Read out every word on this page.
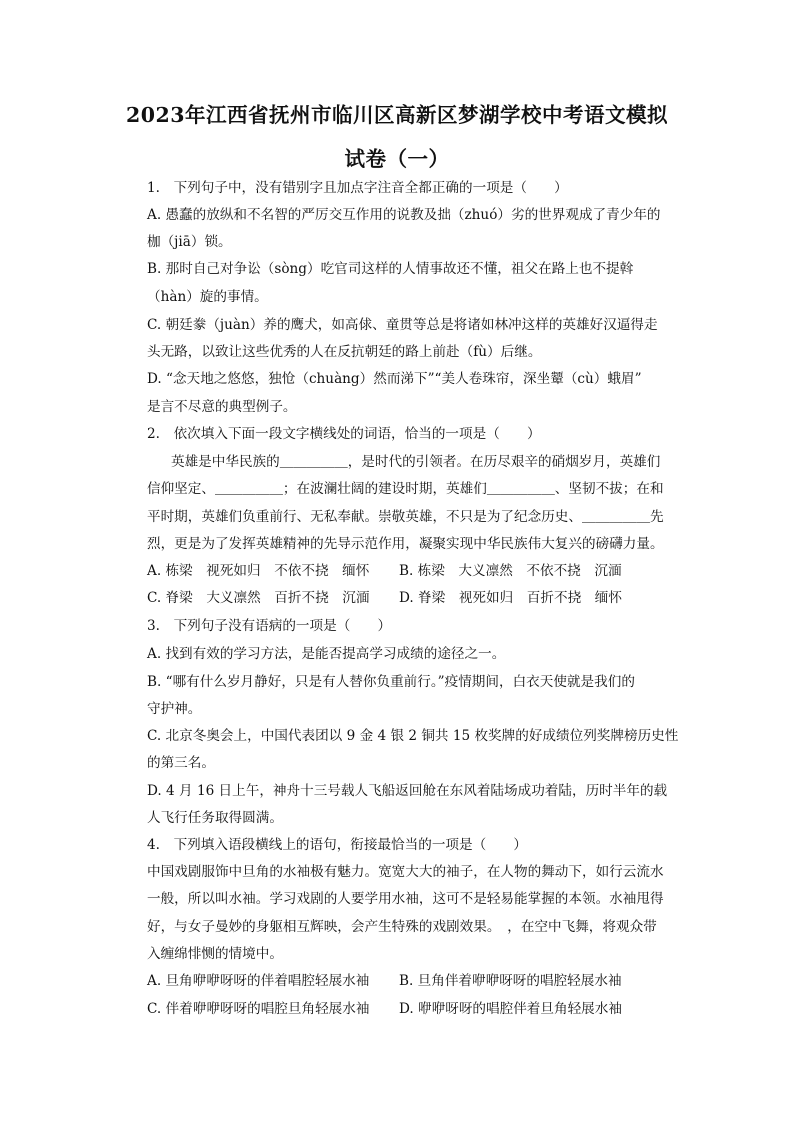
2023年江西省抚州市临川区高新区梦湖学校中考语文模拟
试卷（一）
1.　下列句子中，没有错别字且加点字注音全都正确的一项是（　　）
A. 愚蠢的放纵和不名智的严厉交互作用的说教及拙（zhuó）劣的世界观成了青少年的
枷（jiā）锁。
B. 那时自己对争讼（sòng）吃官司这样的人情事故还不懂，祖父在路上也不提斡
（hàn）旋的事情。
C. 朝廷豢（juàn）养的鹰犬，如高俅、童贯等总是将诸如林冲这样的英雄好汉逼得走
头无路，以致让这些优秀的人在反抗朝廷的路上前赴（fù）后继。
D. “念天地之悠悠，独怆（chuàng）然而涕下”“美人卷珠帘，深坐颦（cù）蛾眉”
是言不尽意的典型例子。
2.　依次填入下面一段文字横线处的词语，恰当的一项是（　　）
英雄是中华民族的＿＿＿＿＿，是时代的引领者。在历尽艰辛的硝烟岁月，英雄们
信仰坚定、＿＿＿＿＿；在波澜壮阔的建设时期，英雄们＿＿＿＿＿、坚韧不拔；在和
平时期，英雄们负重前行、无私奉献。崇敬英雄，不只是为了纪念历史、＿＿＿＿＿先
烈，更是为了发挥英雄精神的先导示范作用，凝聚实现中华民族伟大复兴的磅礴力量。
A. 栋梁　视死如归　不依不挠　缅怀 B. 栋梁　大义凛然　不依不挠　沉湎
C. 脊梁　大义凛然　百折不挠　沉湎 D. 脊梁　视死如归　百折不挠　缅怀
3.　下列句子没有语病的一项是（　　）
A. 找到有效的学习方法，是能否提高学习成绩的途径之一。
B. “哪有什么岁月静好，只是有人替你负重前行。”疫情期间，白衣天使就是我们的
守护神。
C. 北京冬奥会上，中国代表团以 9 金 4 银 2 铜共 15 枚奖牌的好成绩位列奖牌榜历史性
的第三名。
D. 4 月 16 日上午，神舟十三号载人飞船返回舱在东风着陆场成功着陆，历时半年的载
人飞行任务取得圆满。
4.　下列填入语段横线上的语句，衔接最恰当的一项是（　　）
中国戏剧服饰中旦角的水袖极有魅力。宽宽大大的袖子，在人物的舞动下，如行云流水
一般，所以叫水袖。学习戏剧的人要学用水袖，这可不是轻易能掌握的本领。水袖甩得
好，与女子曼妙的身躯相互辉映，会产生特殊的戏剧效果。　，在空中飞舞，将观众带
入缠绵悱恻的情境中。
A. 旦角咿咿呀呀的伴着唱腔轻展水袖 B. 旦角伴着咿咿呀呀的唱腔轻展水袖
C. 伴着咿咿呀呀的唱腔旦角轻展水袖 D. 咿咿呀呀的唱腔伴着旦角轻展水袖
